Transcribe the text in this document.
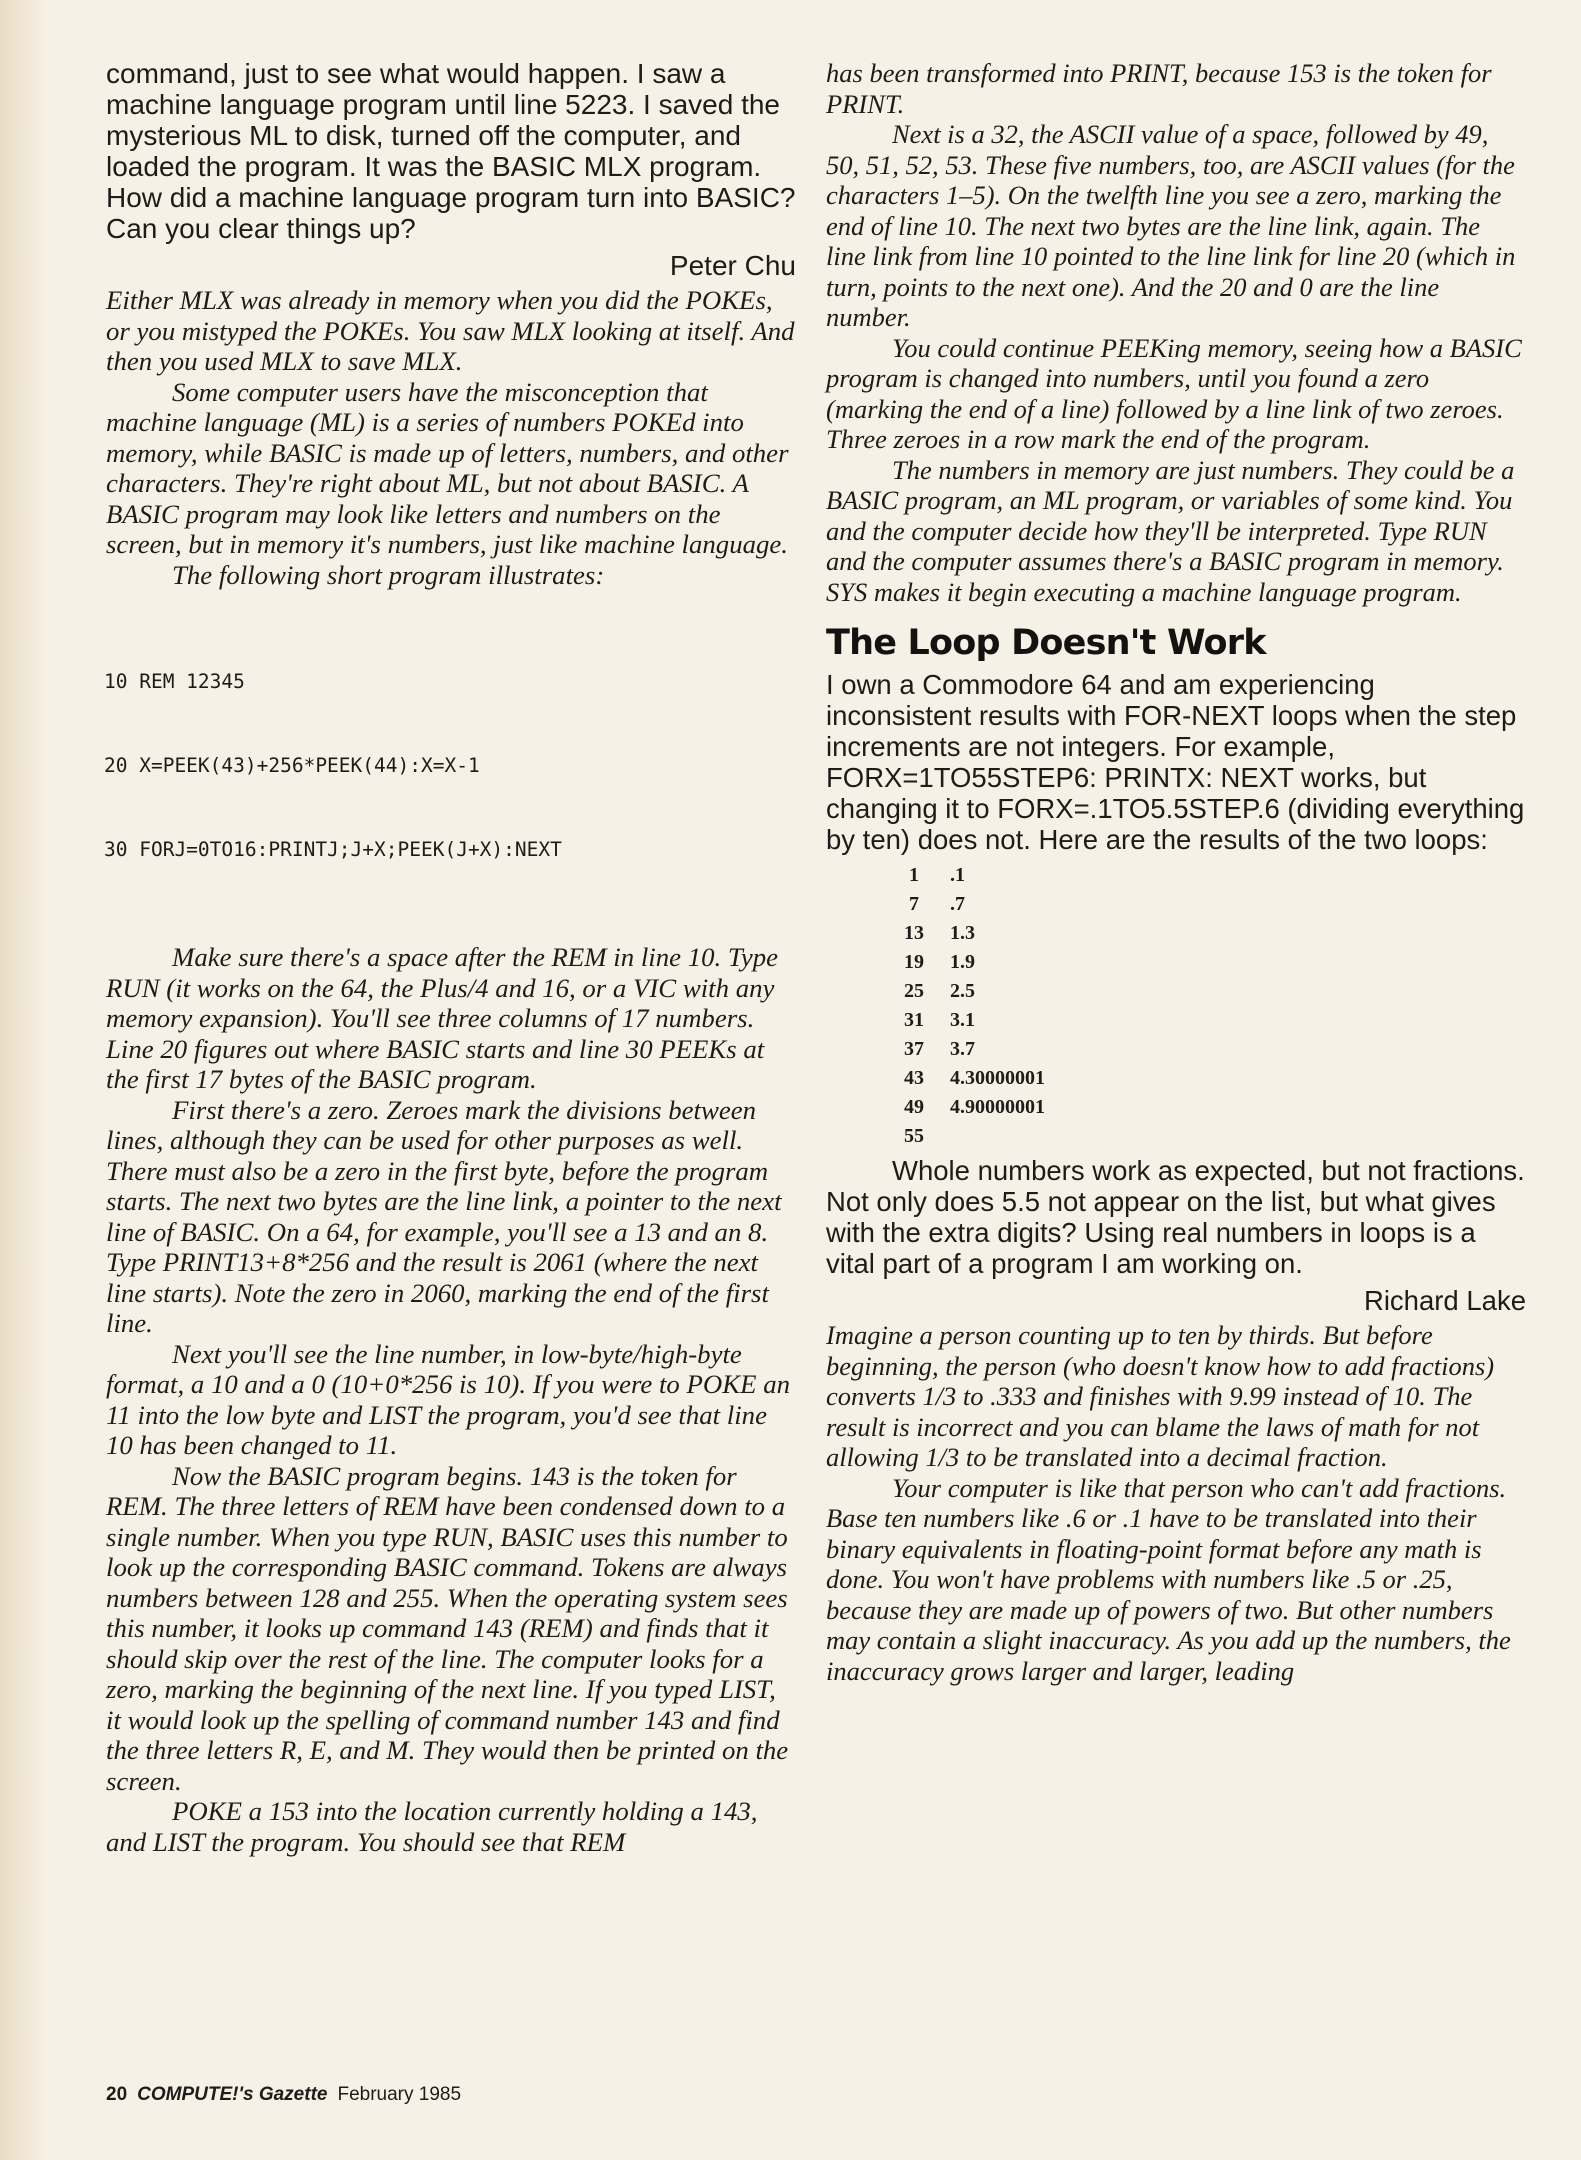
command, just to see what would happen. I saw a machine language program until line 5223. I saved the mysterious ML to disk, turned off the computer, and loaded the program. It was the BASIC MLX program. How did a machine language program turn into BASIC? Can you clear things up?

Peter Chu

Either MLX was already in memory when you did the POKEs, or you mistyped the POKEs. You saw MLX looking at itself. And then you used MLX to save MLX.

Some computer users have the misconception that machine language (ML) is a series of numbers POKEd into memory, while BASIC is made up of letters, numbers, and other characters. They're right about ML, but not about BASIC. A BASIC program may look like letters and numbers on the screen, but in memory it's numbers, just like machine language.

The following short program illustrates:

10 REM 12345

20 X=PEEK(43)+256*PEEK(44):X=X-1

30 FORJ=0TO16:PRINTJ;J+X;PEEK(J+X):NEXT

Make sure there's a space after the REM in line 10. Type RUN (it works on the 64, the Plus/4 and 16, or a VIC with any memory expansion). You'll see three columns of 17 numbers. Line 20 figures out where BASIC starts and line 30 PEEKs at the first 17 bytes of the BASIC program.

First there's a zero. Zeroes mark the divisions between lines, although they can be used for other purposes as well. There must also be a zero in the first byte, before the program starts. The next two bytes are the line link, a pointer to the next line of BASIC. On a 64, for example, you'll see a 13 and an 8. Type PRINT13+8*256 and the result is 2061 (where the next line starts). Note the zero in 2060, marking the end of the first line.

Next you'll see the line number, in low-byte/high-byte format, a 10 and a 0 (10+0*256 is 10). If you were to POKE an 11 into the low byte and LIST the program, you'd see that line 10 has been changed to 11.

Now the BASIC program begins. 143 is the token for REM. The three letters of REM have been condensed down to a single number. When you type RUN, BASIC uses this number to look up the corresponding BASIC command. Tokens are always numbers between 128 and 255. When the operating system sees this number, it looks up command 143 (REM) and finds that it should skip over the rest of the line. The computer looks for a zero, marking the beginning of the next line. If you typed LIST, it would look up the spelling of command number 143 and find the three letters R, E, and M. They would then be printed on the screen.

POKE a 153 into the location currently holding a 143, and LIST the program. You should see that REM

has been transformed into PRINT, because 153 is the token for PRINT.

Next is a 32, the ASCII value of a space, followed by 49, 50, 51, 52, 53. These five numbers, too, are ASCII values (for the characters 1–5). On the twelfth line you see a zero, marking the end of line 10. The next two bytes are the line link, again. The line link from line 10 pointed to the line link for line 20 (which in turn, points to the next one). And the 20 and 0 are the line number.

You could continue PEEKing memory, seeing how a BASIC program is changed into numbers, until you found a zero (marking the end of a line) followed by a line link of two zeroes. Three zeroes in a row mark the end of the program.

The numbers in memory are just numbers. They could be a BASIC program, an ML program, or variables of some kind. You and the computer decide how they'll be interpreted. Type RUN and the computer assumes there's a BASIC program in memory. SYS makes it begin executing a machine language program.

The Loop Doesn't Work

I own a Commodore 64 and am experiencing inconsistent results with FOR-NEXT loops when the step increments are not integers. For example, FORX=1TO55STEP6: PRINTX: NEXT works, but changing it to FORX=.1TO5.5STEP.6 (dividing everything by ten) does not. Here are the results of the two loops:

1	.1
7	.7
13	1.3
19	1.9
25	2.5
31	3.1
37	3.7
43	4.30000001
49	4.90000001
55	

Whole numbers work as expected, but not fractions. Not only does 5.5 not appear on the list, but what gives with the extra digits? Using real numbers in loops is a vital part of a program I am working on.

Richard Lake

Imagine a person counting up to ten by thirds. But before beginning, the person (who doesn't know how to add fractions) converts 1/3 to .333 and finishes with 9.99 instead of 10. The result is incorrect and you can blame the laws of math for not allowing 1/3 to be translated into a decimal fraction.

Your computer is like that person who can't add fractions. Base ten numbers like .6 or .1 have to be translated into their binary equivalents in floating-point format before any math is done. You won't have problems with numbers like .5 or .25, because they are made up of powers of two. But other numbers may contain a slight inaccuracy. As you add up the numbers, the inaccuracy grows larger and larger, leading

20 COMPUTE!'s Gazette February 1985
